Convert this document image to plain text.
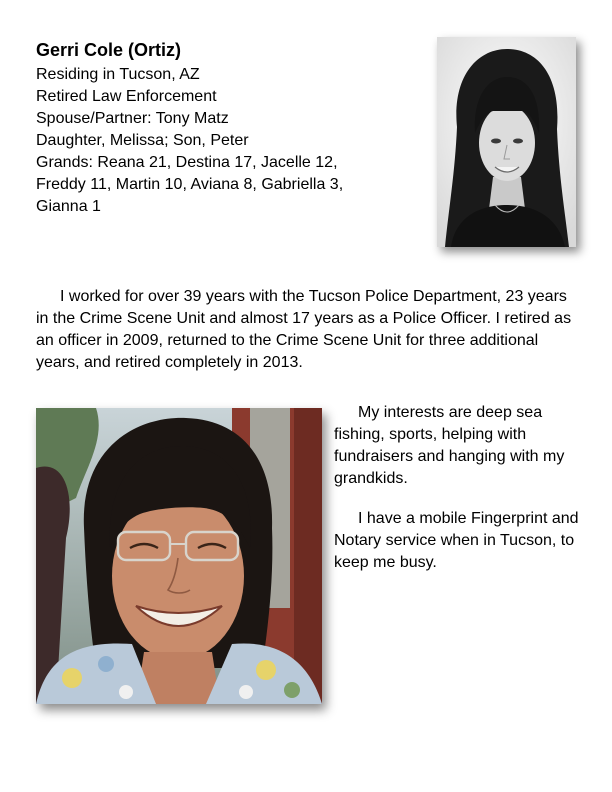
Gerri Cole (Ortiz)
Residing in Tucson, AZ
Retired Law Enforcement
Spouse/Partner: Tony Matz
Daughter, Melissa; Son, Peter
Grands: Reana 21, Destina 17, Jacelle 12,
Freddy 11, Martin 10, Aviana 8, Gabriella 3,
Gianna 1

I worked for over 39 years with the Tucson Police Department, 23 years in the Crime Scene Unit and almost 17 years as a Police Officer. I retired as an officer in 2009, returned to the Crime Scene Unit for three additional years, and retired completely in 2013.

My interests are deep sea fishing, sports, helping with fundraisers and hanging with my grandkids.

I have a mobile Fingerprint and Notary service when in Tucson, to keep me busy.
